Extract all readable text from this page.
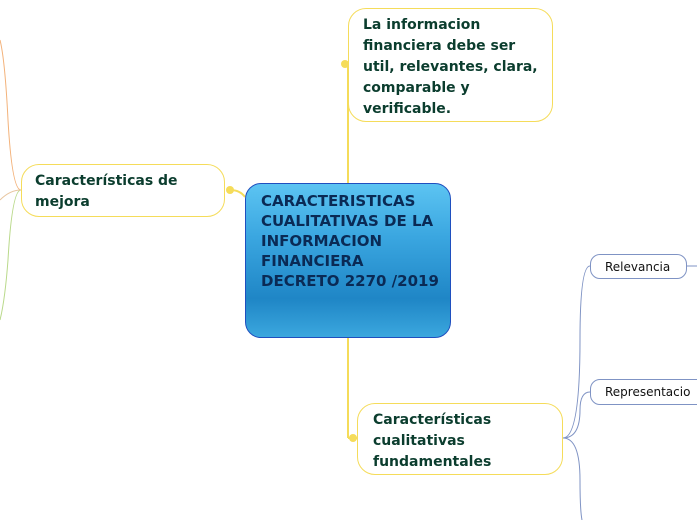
CARACTERISTICAS CUALITATIVAS DE LA INFORMACION FINANCIERA DECRETO 2270 /2019
La informacion financiera debe ser util, relevantes, clara, comparable y verificable.
Características de mejora
Características cualitativas fundamentales
Relevancia
Representacio
